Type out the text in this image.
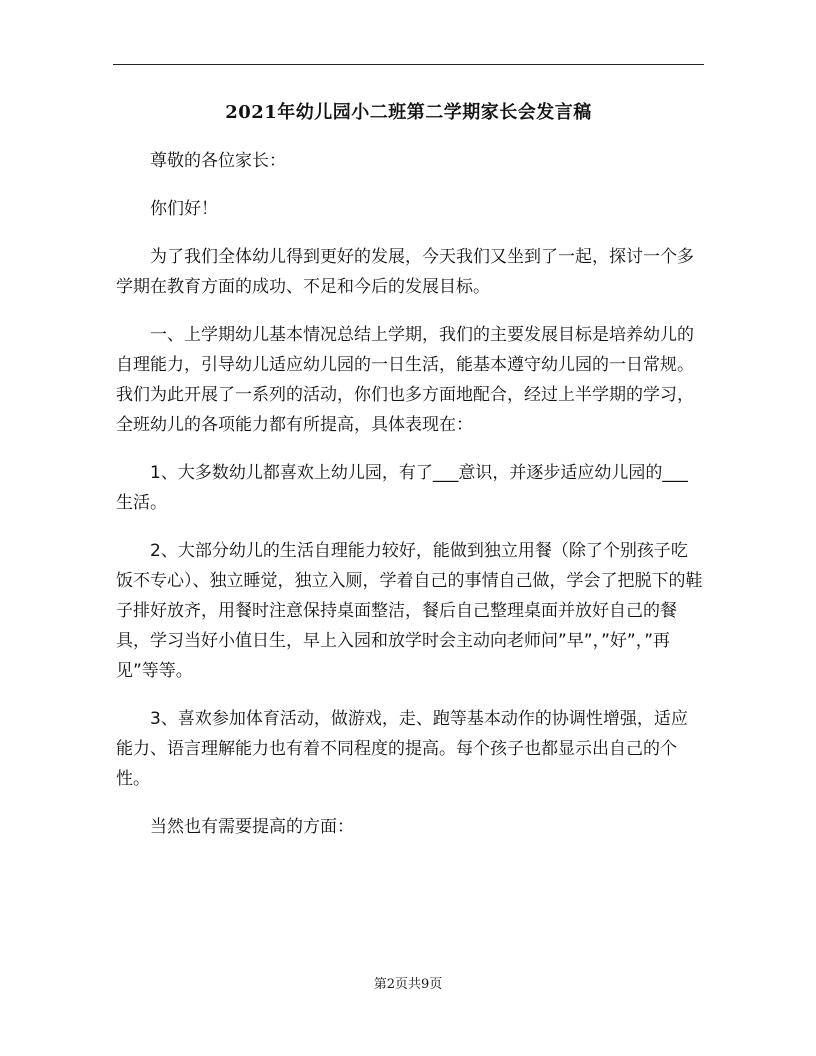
2021年幼儿园小二班第二学期家长会发言稿

尊敬的各位家长：

你们好！

为了我们全体幼儿得到更好的发展，今天我们又坐到了一起，探讨一个多学期在教育方面的成功、不足和今后的发展目标。

一、上学期幼儿基本情况总结上学期，我们的主要发展目标是培养幼儿的自理能力，引导幼儿适应幼儿园的一日生活，能基本遵守幼儿园的一日常规。我们为此开展了一系列的活动，你们也多方面地配合，经过上半学期的学习，全班幼儿的各项能力都有所提高，具体表现在：

1、大多数幼儿都喜欢上幼儿园，有了___意识，并逐步适应幼儿园的___生活。

2、大部分幼儿的生活自理能力较好，能做到独立用餐（除了个别孩子吃饭不专心）、独立睡觉，独立入厕，学着自己的事情自己做，学会了把脱下的鞋子排好放齐，用餐时注意保持桌面整洁，餐后自己整理桌面并放好自己的餐具，学习当好小值日生，早上入园和放学时会主动向老师问”早”，”好”，”再见”等等。

3、喜欢参加体育活动，做游戏，走、跑等基本动作的协调性增强，适应能力、语言理解能力也有着不同程度的提高。每个孩子也都显示出自己的个性。

当然也有需要提高的方面：

第2页共9页
